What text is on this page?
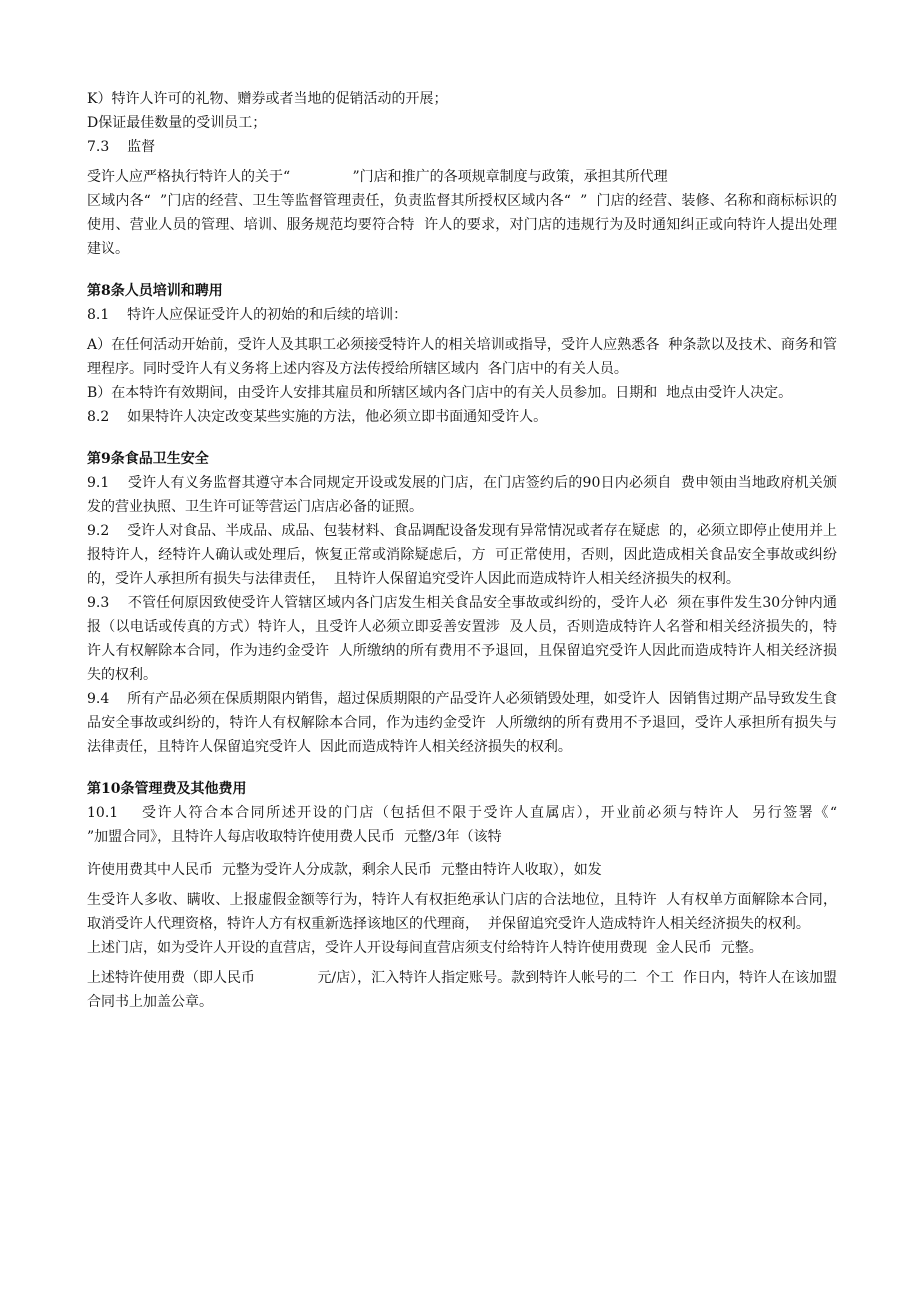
K）特许人许可的礼物、赠券或者当地的促销活动的开展；

D保证最佳数量的受训员工；

7.3    监督

受许人应严格执行特许人的关于“              ”门店和推广的各项规章制度与政策，承担其所代理

区域内各“  ”门店的经营、卫生等监督管理责任，负责监督其所授权区域内各“  ”  门店的经营、装修、名称和商标标识的使用、营业人员的管理、培训、服务规范均要符合特  许人的要求，对门店的违规行为及时通知纠正或向特许人提出处理建议。

第8条人员培训和聘用

8.1    特许人应保证受许人的初始的和后续的培训：

A）在任何活动开始前，受许人及其职工必须接受特许人的相关培训或指导，受许人应熟悉各  种条款以及技术、商务和管理程序。同时受许人有义务将上述内容及方法传授给所辖区域内  各门店中的有关人员。

B）在本特许有效期间，由受许人安排其雇员和所辖区域内各门店中的有关人员参加。日期和  地点由受许人决定。

8.2    如果特许人决定改变某些实施的方法，他必须立即书面通知受许人。

第9条食品卫生安全

9.1    受许人有义务监督其遵守本合同规定开设或发展的门店，在门店签约后的90日内必须自  费申领由当地政府机关颁发的营业执照、卫生许可证等营运门店店必备的证照。

9.2    受许人对食品、半成品、成品、包装材料、食品调配设备发现有异常情况或者存在疑虑  的，必须立即停止使用并上报特许人，经特许人确认或处理后，恢复正常或消除疑虑后，方  可正常使用，否则，因此造成相关食品安全事故或纠纷的，受许人承担所有损失与法律责任，  且特许人保留追究受许人因此而造成特许人相关经济损失的权利。

9.3    不管任何原因致使受许人管辖区域内各门店发生相关食品安全事故或纠纷的，受许人必  须在事件发生30分钟内通报（以电话或传真的方式）特许人，且受许人必须立即妥善安置涉  及人员，否则造成特许人名誉和相关经济损失的，特许人有权解除本合同，作为违约金受许  人所缴纳的所有费用不予退回，且保留追究受许人因此而造成特许人相关经济损失的权利。

9.4    所有产品必须在保质期限内销售，超过保质期限的产品受许人必须销毁处理，如受许人  因销售过期产品导致发生食品安全事故或纠纷的，特许人有权解除本合同，作为违约金受许  人所缴纳的所有费用不予退回，受许人承担所有损失与法律责任，且特许人保留追究受许人  因此而造成特许人相关经济损失的权利。

第10条管理费及其他费用

10.1    受许人符合本合同所述开设的门店（包括但不限于受许人直属店），开业前必须与特许人  另行签署《“              ”加盟合同》，且特许人每店收取特许使用费人民币  元整/3年（该特

许使用费其中人民币  元整为受许人分成款，剩余人民币  元整由特许人收取），如发

生受许人多收、瞒收、上报虚假金额等行为，特许人有权拒绝承认门店的合法地位，且特许  人有权单方面解除本合同，取消受许人代理资格，特许人方有权重新选择该地区的代理商，  并保留追究受许人造成特许人相关经济损失的权利。

上述门店，如为受许人开设的直营店，受许人开设每间直营店须支付给特许人特许使用费现  金人民币  元整。

上述特许使用费（即人民币              元/店），汇入特许人指定账号。款到特许人帐号的二  个工  作日内，特许人在该加盟合同书上加盖公章。
